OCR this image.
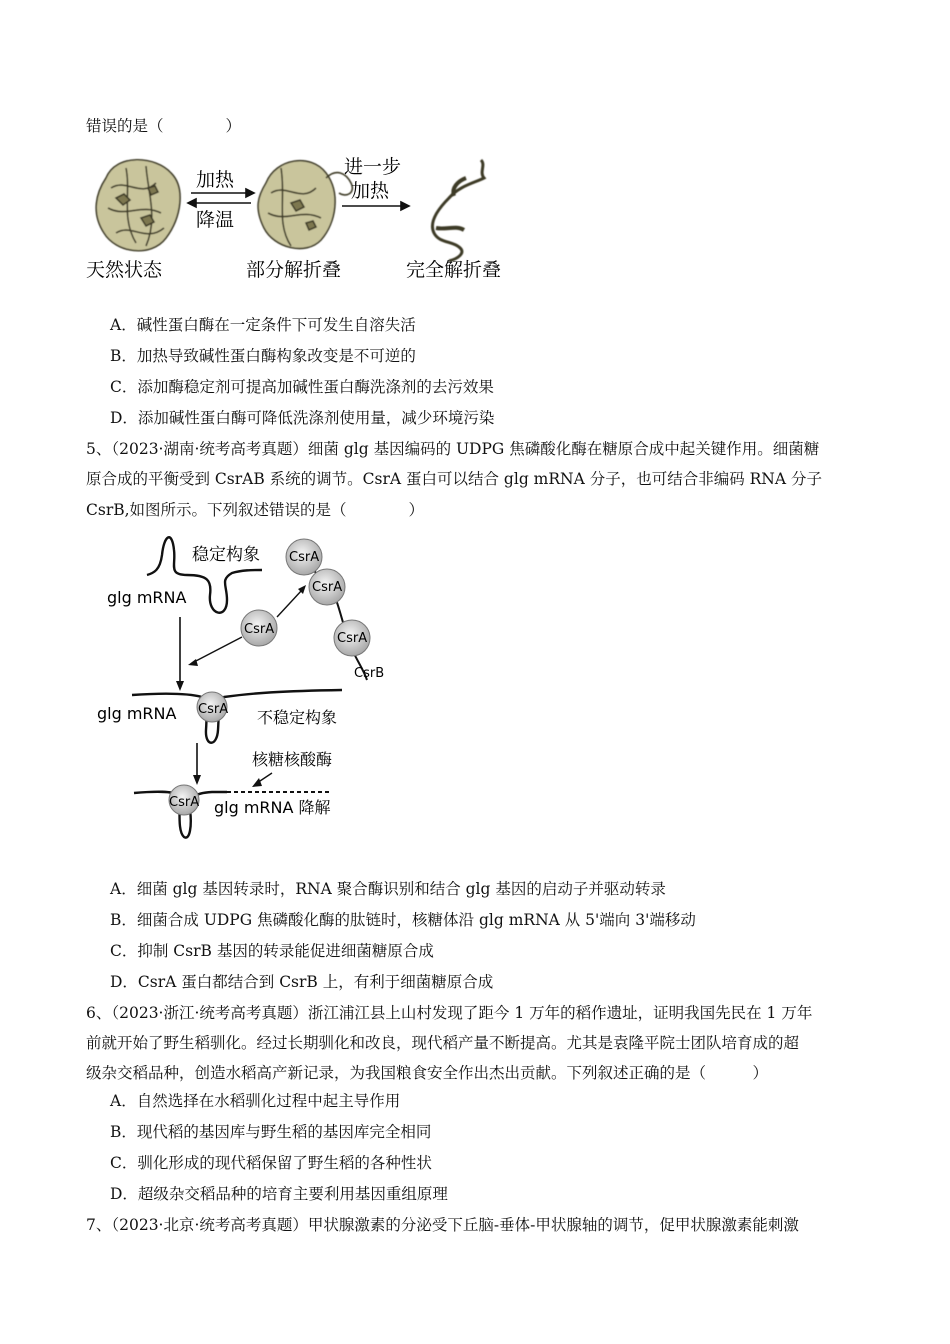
错误的是（　　　　）
加热
降温
进一步
加热
天然状态	部分解折叠	完全解折叠
A．碱性蛋白酶在一定条件下可发生自溶失活
B．加热导致碱性蛋白酶构象改变是不可逆的
C．添加酶稳定剂可提高加碱性蛋白酶洗涤剂的去污效果
D．添加碱性蛋白酶可降低洗涤剂使用量，减少环境污染
5、（2023·湖南·统考高考真题）细菌 glg 基因编码的 UDPG 焦磷酸化酶在糖原合成中起关键作用。细菌糖
原合成的平衡受到 CsrAB 系统的调节。CsrA 蛋白可以结合 glg mRNA 分子，也可结合非编码 RNA 分子
CsrB,如图所示。下列叙述错误的是（　　　　）
稳定构象
glg mRNA
CsrA
CsrA
CsrA
CsrB
CsrA
CsrA
glg mRNA	不稳定构象
核糖核酸酶
CsrA glg mRNA 降解
A．细菌 glg 基因转录时，RNA 聚合酶识别和结合 glg 基因的启动子并驱动转录
B．细菌合成 UDPG 焦磷酸化酶的肽链时，核糖体沿 glg mRNA 从 5'端向 3'端移动
C．抑制 CsrB 基因的转录能促进细菌糖原合成
D．CsrA 蛋白都结合到 CsrB 上，有利于细菌糖原合成
6、（2023·浙江·统考高考真题）浙江浦江县上山村发现了距今 1 万年的稻作遗址，证明我国先民在 1 万年
前就开始了野生稻驯化。经过长期驯化和改良，现代稻产量不断提高。尤其是袁隆平院士团队培育成的超
级杂交稻品种，创造水稻高产新记录，为我国粮食安全作出杰出贡献。下列叙述正确的是（　　　）
A．自然选择在水稻驯化过程中起主导作用
B．现代稻的基因库与野生稻的基因库完全相同
C．驯化形成的现代稻保留了野生稻的各种性状
D．超级杂交稻品种的培育主要利用基因重组原理
7、（2023·北京·统考高考真题）甲状腺激素的分泌受下丘脑-垂体-甲状腺轴的调节，促甲状腺激素能刺激
